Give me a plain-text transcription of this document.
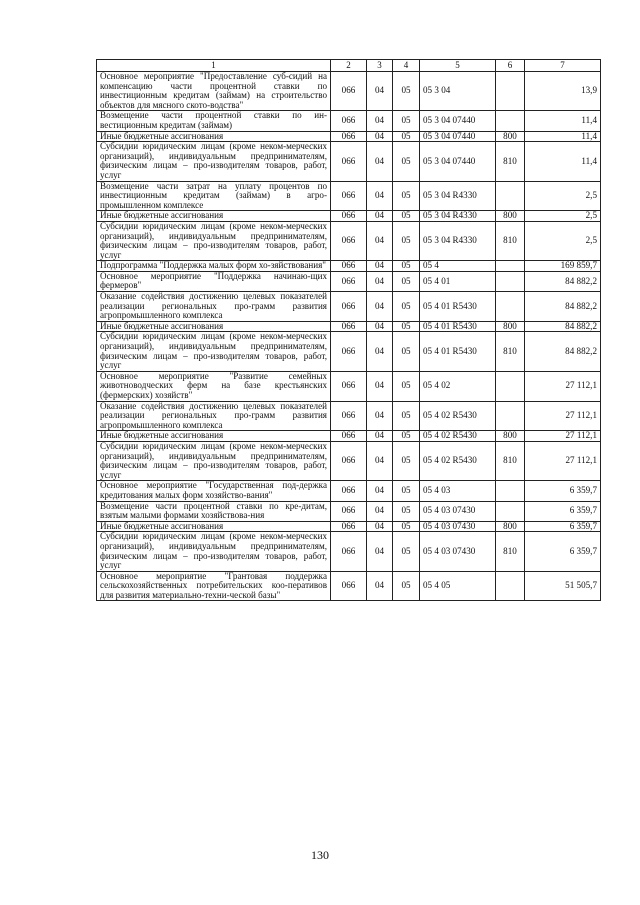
1	2	3	4	5	6	7
Основное мероприятие "Предоставление суб-сидий на компенсацию части процентной ставки по инвестиционным кредитам (займам) на строительство объектов для мясного ското-водства"	066	04	05	05 3 04		13,9
Возмещение части процентной ставки по ин-вестиционным кредитам (займам)	066	04	05	05 3 04 07440		11,4
Иные бюджетные ассигнования	066	04	05	05 3 04 07440	800	11,4
Субсидии юридическим лицам (кроме неком-мерческих организаций), индивидуальным предпринимателям, физическим лицам – про-изводителям товаров, работ, услуг	066	04	05	05 3 04 07440	810	11,4
Возмещение части затрат на уплату процентов по инвестиционным кредитам (займам) в агро-промышленном комплексе	066	04	05	05 3 04 R4330		2,5
Иные бюджетные ассигнования	066	04	05	05 3 04 R4330	800	2,5
Субсидии юридическим лицам (кроме неком-мерческих организаций), индивидуальным предпринимателям, физическим лицам – про-изводителям товаров, работ, услуг	066	04	05	05 3 04 R4330	810	2,5
Подпрограмма "Поддержка малых форм хо-зяйствования"	066	04	05	05 4		169 859,7
Основное мероприятие "Поддержка начинаю-щих фермеров"	066	04	05	05 4 01		84 882,2
Оказание содействия достижению целевых показателей реализации региональных про-грамм развития агропромышленного комплекса	066	04	05	05 4 01 R5430		84 882,2
Иные бюджетные ассигнования	066	04	05	05 4 01 R5430	800	84 882,2
Субсидии юридическим лицам (кроме неком-мерческих организаций), индивидуальным предпринимателям, физическим лицам – про-изводителям товаров, работ, услуг	066	04	05	05 4 01 R5430	810	84 882,2
Основное мероприятие "Развитие семейных животноводческих ферм на базе крестьянских (фермерских) хозяйств"	066	04	05	05 4 02		27 112,1
Оказание содействия достижению целевых показателей реализации региональных про-грамм развития агропромышленного комплекса	066	04	05	05 4 02 R5430		27 112,1
Иные бюджетные ассигнования	066	04	05	05 4 02 R5430	800	27 112,1
Субсидии юридическим лицам (кроме неком-мерческих организаций), индивидуальным предпринимателям, физическим лицам – про-изводителям товаров, работ, услуг	066	04	05	05 4 02 R5430	810	27 112,1
Основное мероприятие "Государственная под-держка кредитования малых форм хозяйство-вания"	066	04	05	05 4 03		6 359,7
Возмещение части процентной ставки по кре-дитам, взятым малыми формами хозяйствова-ния	066	04	05	05 4 03 07430		6 359,7
Иные бюджетные ассигнования	066	04	05	05 4 03 07430	800	6 359,7
Субсидии юридическим лицам (кроме неком-мерческих организаций), индивидуальным предпринимателям, физическим лицам – про-изводителям товаров, работ, услуг	066	04	05	05 4 03 07430	810	6 359,7
Основное мероприятие "Грантовая поддержка сельскохозяйственных потребительских коо-перативов для развития материально-техни-ческой базы"	066	04	05	05 4 05		51 505,7
130
